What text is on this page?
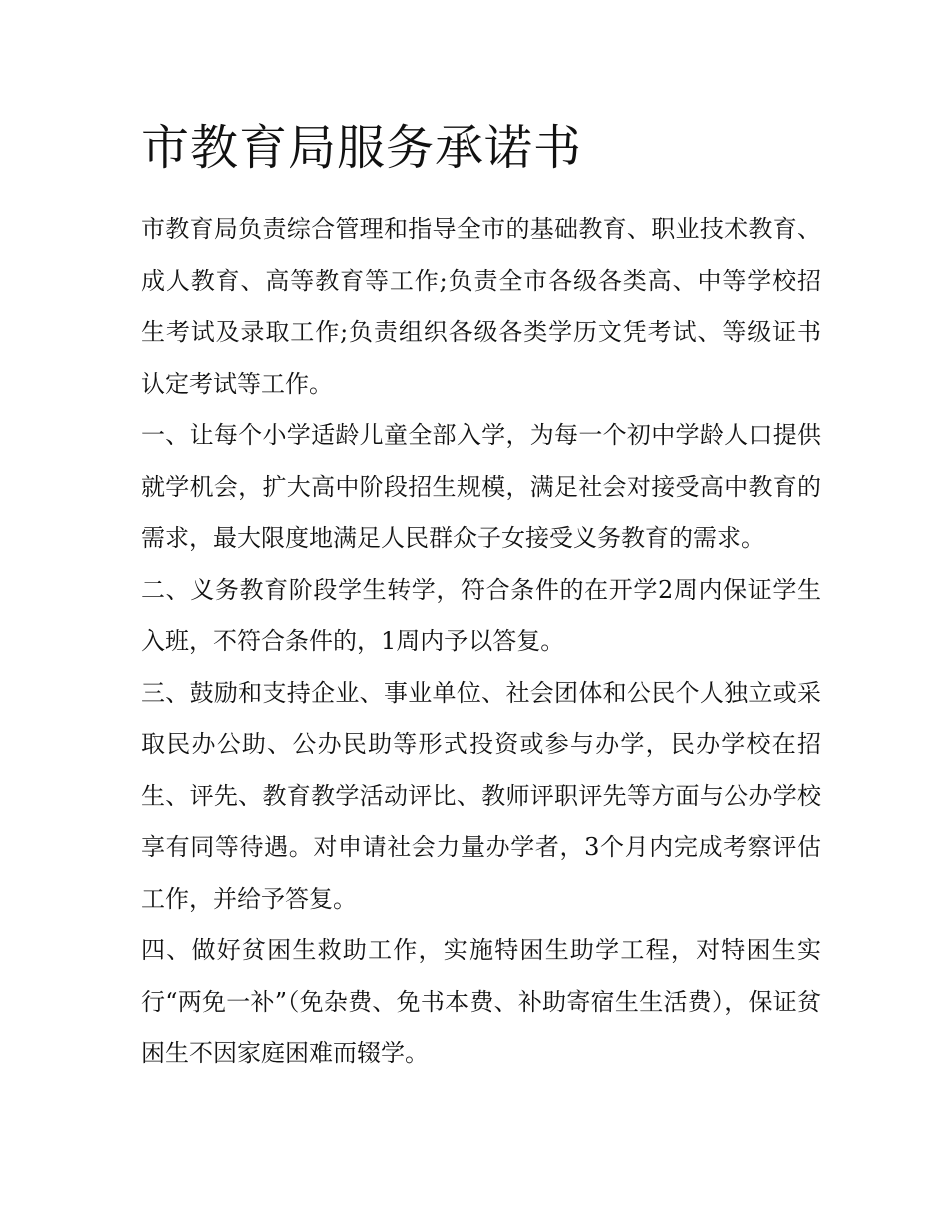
市教育局服务承诺书

市教育局负责综合管理和指导全市的基础教育、职业技术教育、成人教育、高等教育等工作;负责全市各级各类高、中等学校招生考试及录取工作;负责组织各级各类学历文凭考试、等级证书认定考试等工作。

一、让每个小学适龄儿童全部入学，为每一个初中学龄人口提供就学机会，扩大高中阶段招生规模，满足社会对接受高中教育的需求，最大限度地满足人民群众子女接受义务教育的需求。

二、义务教育阶段学生转学，符合条件的在开学2周内保证学生入班，不符合条件的，1周内予以答复。

三、鼓励和支持企业、事业单位、社会团体和公民个人独立或采取民办公助、公办民助等形式投资或参与办学，民办学校在招生、评先、教育教学活动评比、教师评职评先等方面与公办学校享有同等待遇。对申请社会力量办学者，3个月内完成考察评估工作，并给予答复。

四、做好贫困生救助工作，实施特困生助学工程，对特困生实行“两免一补”（免杂费、免书本费、补助寄宿生生活费），保证贫困生不因家庭困难而辍学。
